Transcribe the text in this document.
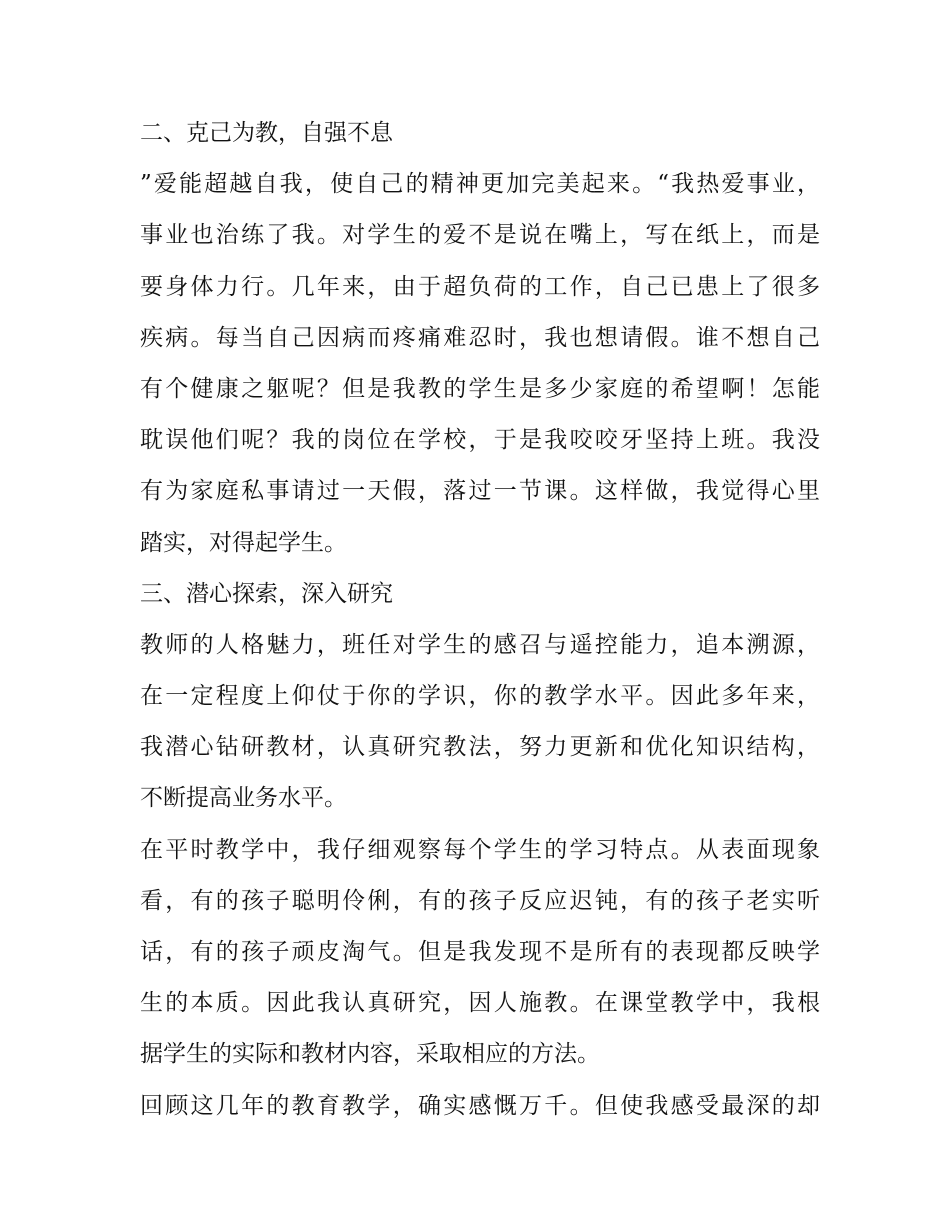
二、克己为教，自强不息
”爱能超越自我，使自己的精神更加完美起来。“我热爱事业，
事业也治练了我。对学生的爱不是说在嘴上，写在纸上，而是
要身体力行。几年来，由于超负荷的工作，自己已患上了很多
疾病。每当自己因病而疼痛难忍时，我也想请假。谁不想自己
有个健康之躯呢？但是我教的学生是多少家庭的希望啊！怎能
耽误他们呢？我的岗位在学校，于是我咬咬牙坚持上班。我没
有为家庭私事请过一天假，落过一节课。这样做，我觉得心里
踏实，对得起学生。
三、潜心探索，深入研究
教师的人格魅力，班任对学生的感召与遥控能力，追本溯源，
在一定程度上仰仗于你的学识，你的教学水平。因此多年来，
我潜心钻研教材，认真研究教法，努力更新和优化知识结构，
不断提高业务水平。
在平时教学中，我仔细观察每个学生的学习特点。从表面现象
看，有的孩子聪明伶俐，有的孩子反应迟钝，有的孩子老实听
话，有的孩子顽皮淘气。但是我发现不是所有的表现都反映学
生的本质。因此我认真研究，因人施教。在课堂教学中，我根
据学生的实际和教材内容，采取相应的方法。
回顾这几年的教育教学，确实感慨万千。但使我感受最深的却
